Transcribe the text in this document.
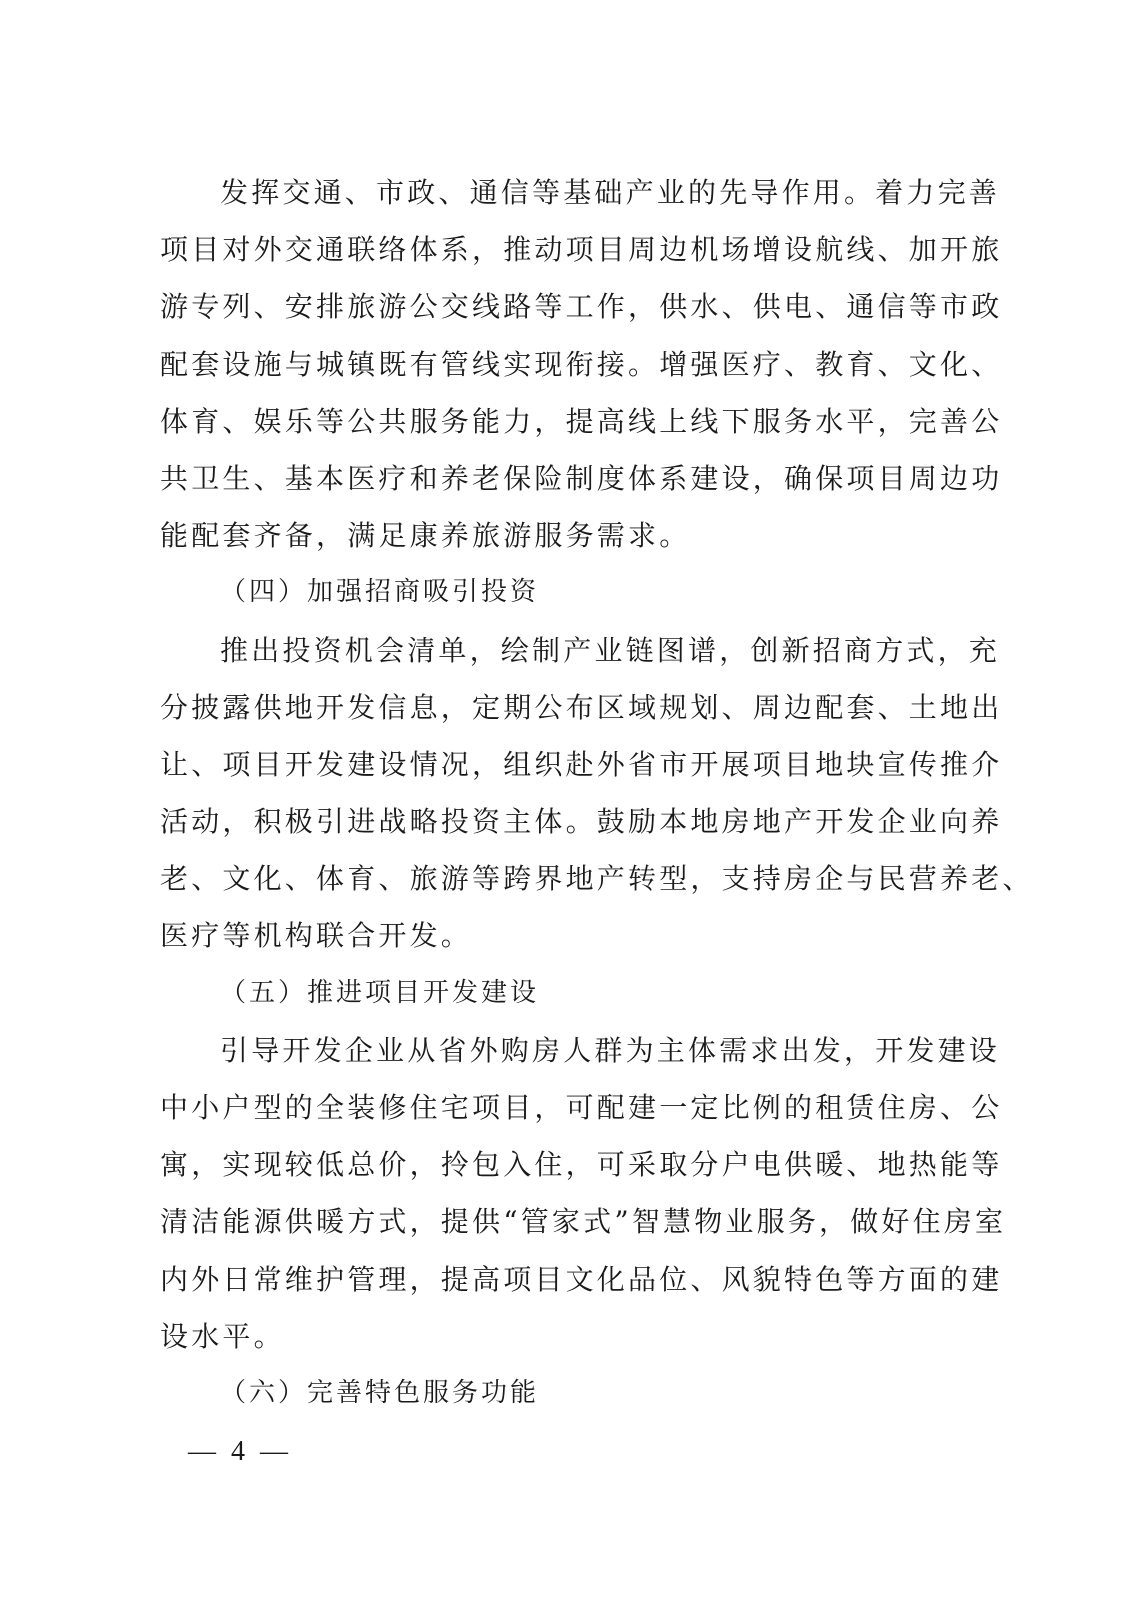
发挥交通、市政、通信等基础产业的先导作用。着力完善
项目对外交通联络体系，推动项目周边机场增设航线、加开旅
游专列、安排旅游公交线路等工作，供水、供电、通信等市政
配套设施与城镇既有管线实现衔接。增强医疗、教育、文化、
体育、娱乐等公共服务能力，提高线上线下服务水平，完善公
共卫生、基本医疗和养老保险制度体系建设，确保项目周边功
能配套齐备，满足康养旅游服务需求。
（四）加强招商吸引投资
推出投资机会清单，绘制产业链图谱，创新招商方式，充
分披露供地开发信息，定期公布区域规划、周边配套、土地出
让、项目开发建设情况，组织赴外省市开展项目地块宣传推介
活动，积极引进战略投资主体。鼓励本地房地产开发企业向养
老、文化、体育、旅游等跨界地产转型，支持房企与民营养老、
医疗等机构联合开发。
（五）推进项目开发建设
引导开发企业从省外购房人群为主体需求出发，开发建设
中小户型的全装修住宅项目，可配建一定比例的租赁住房、公
寓，实现较低总价，拎包入住，可采取分户电供暖、地热能等
清洁能源供暖方式，提供“管家式”智慧物业服务，做好住房室
内外日常维护管理，提高项目文化品位、风貌特色等方面的建
设水平。
（六）完善特色服务功能
— 4 —
